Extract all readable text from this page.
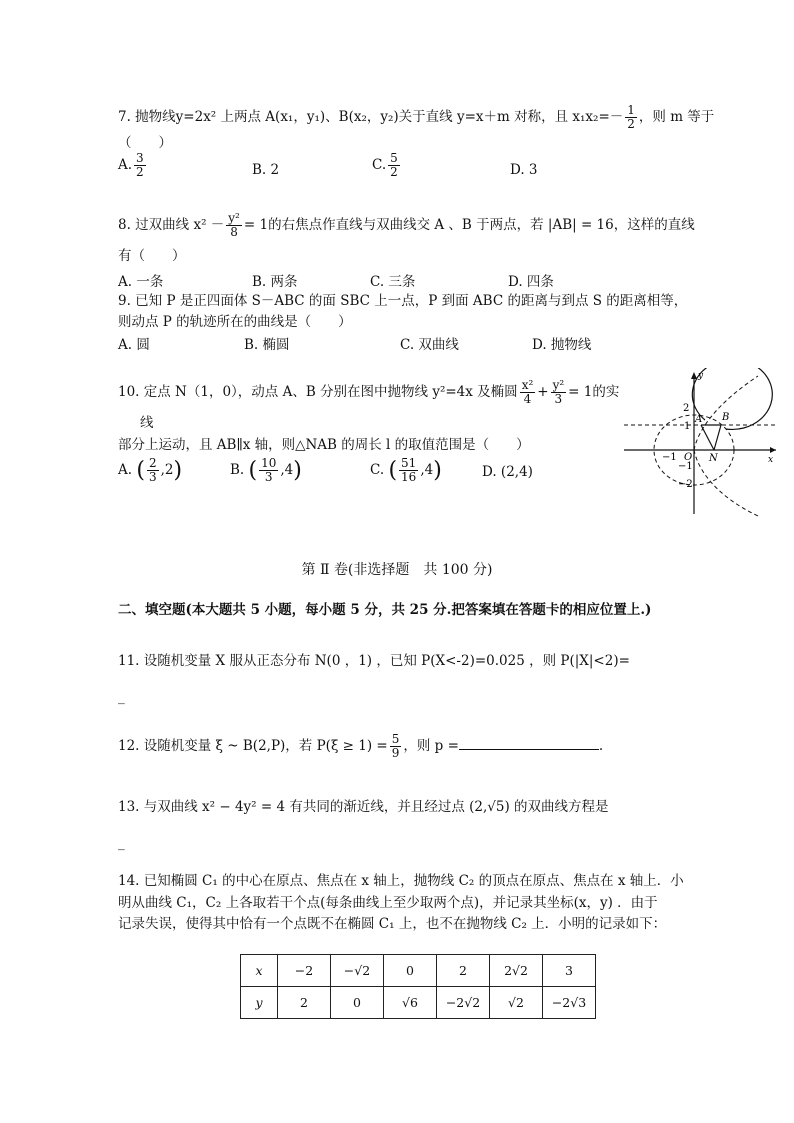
7. 抛物线y=2x² 上两点 A(x₁，y₁)、B(x₂，y₂)关于直线 y=x＋m 对称，且 $x_1x_2=- \frac{1}{2}$ ，则 m 等于
（　　）
A. $\frac{3}{2}$	B. 2	C. $\frac{5}{2}$	D. 3
8. 过双曲线 $x^2 - \frac{\text{y²}}{8} = 1$的右焦点作直线与双曲线交 A 、B 于两点，若 |AB| = 16，这样的直线
有（　　）
A. 一条	B. 两条	C. 三条	D. 四条
9. 已知 P 是正四面体 S－ABC 的面 SBC 上一点，P 到面 ABC 的距离与到点 S 的距离相等，
则动点 P 的轨迹所在的曲线是（　　）
A. 圆	B. 椭圆	C. 双曲线	D. 抛物线
10. 定点 N（1，0），动点 A、B 分别在图中抛物线 y²=4x 及椭圆 $\frac{\text{x²}}{4} + \frac{\text{y²}}{3} = 1$的实
线
部分上运动，且 AB∥x 轴，则△NAB 的周长 l 的取值范围是（　　）
A. ( $\frac{2}{3} ,2$)	B. ( $\frac{10}{3} ,4$)	C. ( $\frac{51}{16} ,4$)	D. (2,4)
y
x
O
A B
N
2
1
−1
−2
−1
第 Ⅱ 卷(非选择题　共 100 分)
二、填空题(本大题共 5 小题，每小题 5 分，共 25 分.把答案填在答题卡的相应位置上.)
11. 设随机变量 X 服从正态分布 N(0 ，1) ，已知 P(X<-2)=0.025 ，则 P(|X|<2)=
_
12. 设随机变量 ξ ~ B(2,P)，若 $P(\xi \ge 1) = \frac{5}{9}$ ，则 p =	.
13. 与双曲线 x² − 4y² = 4 有共同的渐近线，并且经过点 (2,√5) 的双曲线方程是
_
14. 已知椭圆 C₁ 的中心在原点、焦点在 x 轴上，抛物线 C₂ 的顶点在原点、焦点在 x 轴上．小
明从曲线 C₁，C₂ 上各取若干个点(每条曲线上至少取两个点)，并记录其坐标(x，y) ．由于
记录失误，使得其中恰有一个点既不在椭圆 C₁ 上，也不在抛物线 C₂ 上．小明的记录如下：
x	−2	−√2	0	2	2√2	3
y	2	0	√6	−2√2	√2	−2√3
